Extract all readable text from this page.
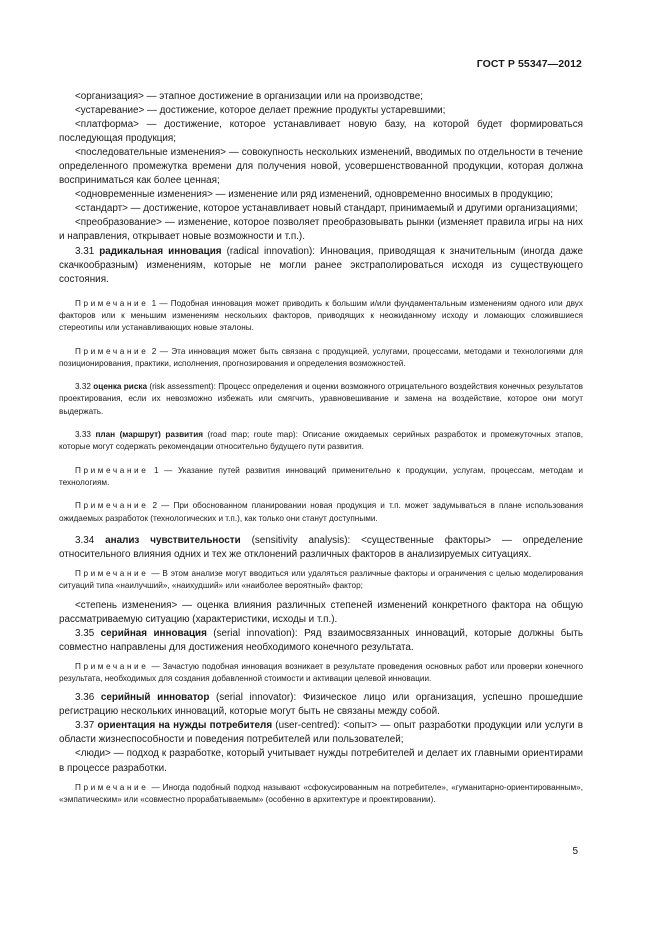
ГОСТ Р 55347—2012

<организация> — этапное достижение в организации или на производстве;

<устаревание> — достижение, которое делает прежние продукты устаревшими;

<платформа> — достижение, которое устанавливает новую базу, на которой будет формироваться последующая продукция;

<последовательные изменения> — совокупность нескольких изменений, вводимых по отдельности в течение определенного промежутка времени для получения новой, усовершенствованной продукции, которая должна восприниматься как более ценная;

<одновременные изменения> — изменение или ряд изменений, одновременно вносимых в продукцию;

<стандарт> — достижение, которое устанавливает новый стандарт, принимаемый и другими организациями;

<преобразование> — изменение, которое позволяет преобразовывать рынки (изменяет правила игры на них и направления, открывает новые возможности и т.п.).

3.31 радикальная инновация (radical innovation): Инновация, приводящая к значительным (иногда даже скачкообразным) изменениям, которые не могли ранее экстраполироваться исходя из существующего состояния.

Примечание 1 — Подобная инновация может приводить к большим и/или фундаментальным изменениям одного или двух факторов или к меньшим изменениям нескольких факторов, приводящих к неожиданному исходу и ломающих сложившиеся стереотипы или устанавливающих новые эталоны.

Примечание 2 — Эта инновация может быть связана с продукцией, услугами, процессами, методами и технологиями для позиционирования, практики, исполнения, прогнозирования и определения возможностей.

3.32 оценка риска (risk assessment): Процесс определения и оценки возможного отрицательного воздействия конечных результатов проектирования, если их невозможно избежать или смягчить, уравновешивание и замена на воздействие, которое они могут выдержать.

3.33 план (маршрут) развития (road map; route map): Описание ожидаемых серийных разработок и промежуточных этапов, которые могут содержать рекомендации относительно будущего пути развития.

Примечание 1 — Указание путей развития инноваций применительно к продукции, услугам, процессам, методам и технологиям.

Примечание 2 — При обоснованном планировании новая продукция и т.п. может задумываться в плане использования ожидаемых разработок (технологических и т.п.), как только они станут доступными.

3.34 анализ чувствительности (sensitivity analysis): <существенные факторы> — определение относительного влияния одних и тех же отклонений различных факторов в анализируемых ситуациях.

Примечание — В этом анализе могут вводиться или удаляться различные факторы и ограничения с целью моделирования ситуаций типа «наилучший», «наихудший» или «наиболее вероятный» фактор;

<степень изменения> — оценка влияния различных степеней изменений конкретного фактора на общую рассматриваемую ситуацию (характеристики, исходы и т.п.).

3.35 серийная инновация (serial innovation): Ряд взаимосвязанных инноваций, которые должны быть совместно направлены для достижения необходимого конечного результата.

Примечание — Зачастую подобная инновация возникает в результате проведения основных работ или проверки конечного результата, необходимых для создания добавленной стоимости и активации целевой инновации.

3.36 серийный инноватор (serial innovator): Физическое лицо или организация, успешно прошедшие регистрацию нескольких инноваций, которые могут быть не связаны между собой.

3.37 ориентация на нужды потребителя (user-centred): <опыт> — опыт разработки продукции или услуги в области жизнеспособности и поведения потребителей или пользователей;

<люди> — подход к разработке, который учитывает нужды потребителей и делает их главными ориентирами в процессе разработки.

Примечание — Иногда подобный подход называют «сфокусированным на потребителе», «гуманитарно-ориентированным», «эмпатическим» или «совместно прорабатываемым» (особенно в архитектуре и проектировании).

5
